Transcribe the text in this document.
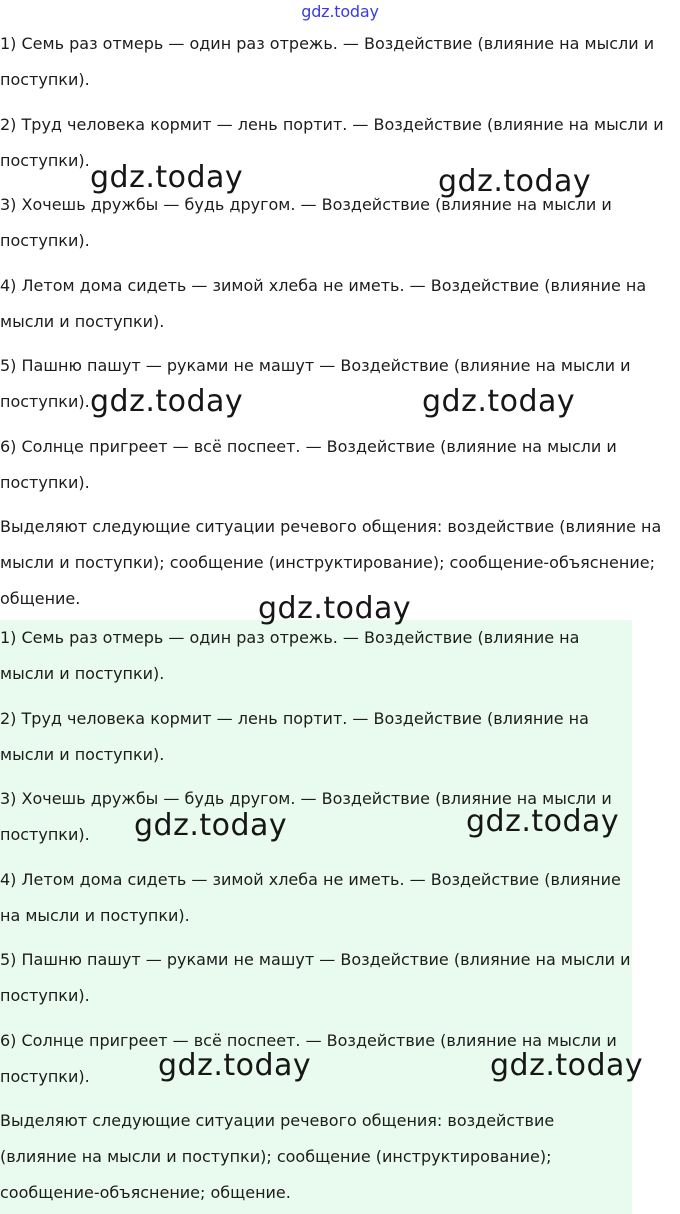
gdz.today

1) Семь раз отмерь — один раз отрежь. — Воздействие (влияние на мысли и поступки).

2) Труд человека кормит — лень портит. — Воздействие (влияние на мысли и поступки).

3) Хочешь дружбы — будь другом. — Воздействие (влияние на мысли и поступки).

4) Летом дома сидеть — зимой хлеба не иметь. — Воздействие (влияние на мысли и поступки).

5) Пашню пашут — руками не машут — Воздействие (влияние на мысли и поступки).

6) Солнце пригреет — всё поспеет. — Воздействие (влияние на мысли и поступки).

Выделяют следующие ситуации речевого общения: воздействие (влияние на мысли и поступки); сообщение (инструктирование); сообщение-объяснение; общение.

1) Семь раз отмерь — один раз отрежь. — Воздействие (влияние на мысли и поступки).

2) Труд человека кормит — лень портит. — Воздействие (влияние на мысли и поступки).

3) Хочешь дружбы — будь другом. — Воздействие (влияние на мысли и поступки).

4) Летом дома сидеть — зимой хлеба не иметь. — Воздействие (влияние на мысли и поступки).

5) Пашню пашут — руками не машут — Воздействие (влияние на мысли и поступки).

6) Солнце пригреет — всё поспеет. — Воздействие (влияние на мысли и поступки).

Выделяют следующие ситуации речевого общения: воздействие (влияние на мысли и поступки); сообщение (инструктирование); сообщение-объяснение; общение.

gdz.today	gdz.today
gdz.today	gdz.today
gdz.today
gdz.today	gdz.today
gdz.today	gdz.today
